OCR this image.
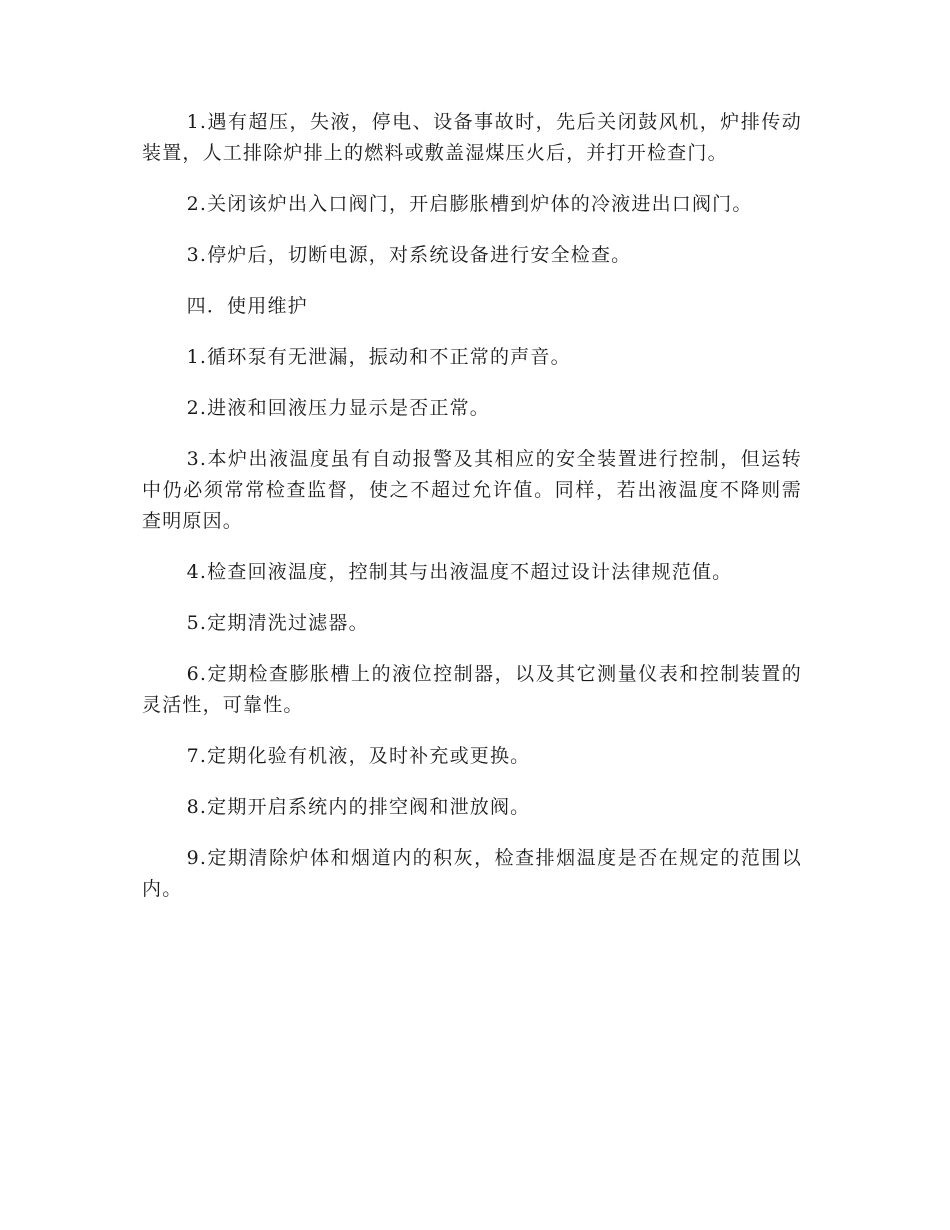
1.遇有超压，失液，停电、设备事故时，先后关闭鼓风机，炉排传动装置，人工排除炉排上的燃料或敷盖湿煤压火后，并打开检查门。

2.关闭该炉出入口阀门，开启膨胀槽到炉体的冷液进出口阀门。

3.停炉后，切断电源，对系统设备进行安全检查。

四．使用维护

1.循环泵有无泄漏，振动和不正常的声音。

2.进液和回液压力显示是否正常。

3.本炉出液温度虽有自动报警及其相应的安全装置进行控制，但运转中仍必须常常检查监督，使之不超过允许值。同样，若出液温度不降则需查明原因。

4.检查回液温度，控制其与出液温度不超过设计法律规范值。

5.定期清洗过滤器。

6.定期检查膨胀槽上的液位控制器，以及其它测量仪表和控制装置的灵活性，可靠性。

7.定期化验有机液，及时补充或更换。

8.定期开启系统内的排空阀和泄放阀。

9.定期清除炉体和烟道内的积灰，检查排烟温度是否在规定的范围以内。
